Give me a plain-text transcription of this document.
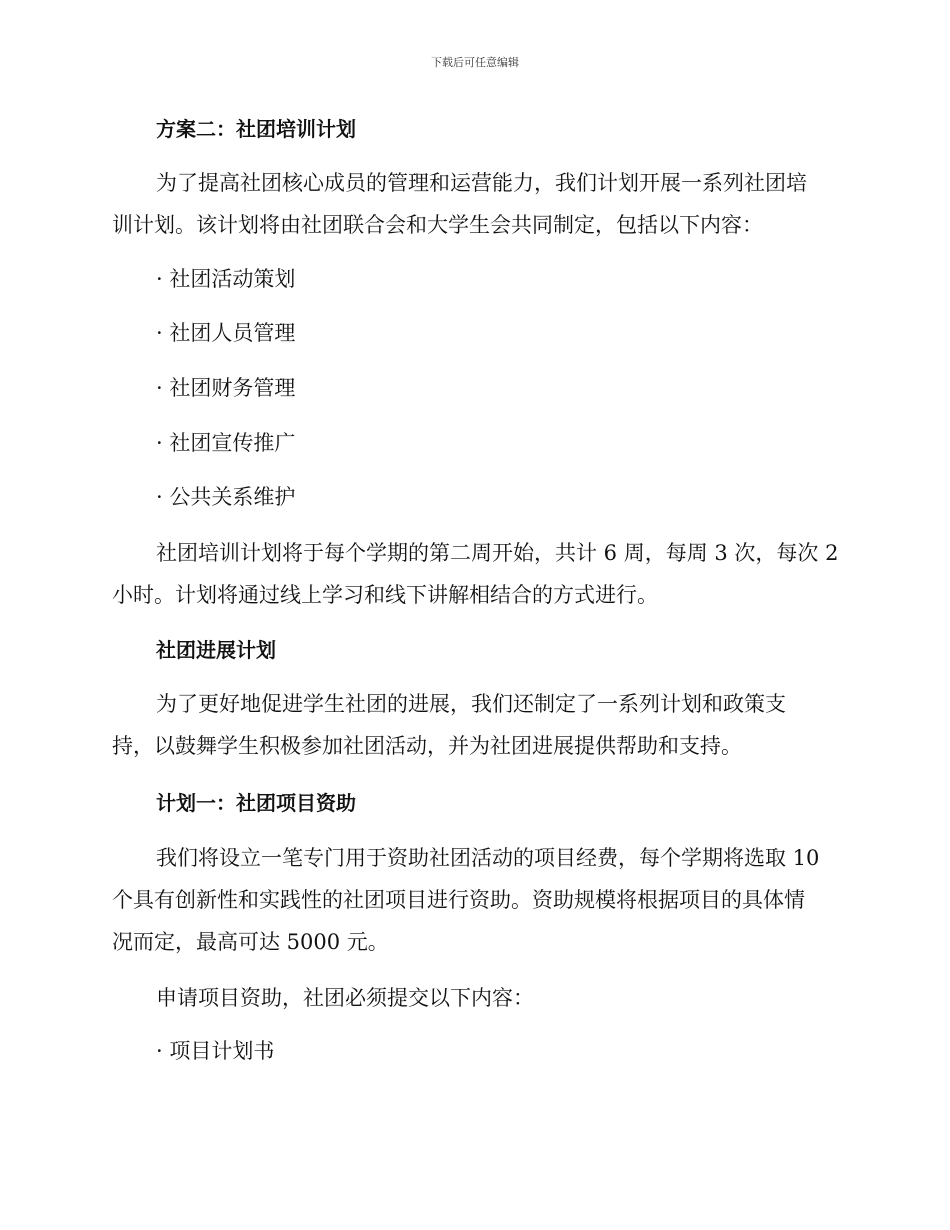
下载后可任意编辑
方案二：社团培训计划
为了提高社团核心成员的管理和运营能力，我们计划开展一系列社团培
训计划。该计划将由社团联合会和大学生会共同制定，包括以下内容：
· 社团活动策划
· 社团人员管理
· 社团财务管理
· 社团宣传推广
· 公共关系维护
社团培训计划将于每个学期的第二周开始，共计 6 周，每周 3 次，每次 2
小时。计划将通过线上学习和线下讲解相结合的方式进行。
社团进展计划
为了更好地促进学生社团的进展，我们还制定了一系列计划和政策支
持，以鼓舞学生积极参加社团活动，并为社团进展提供帮助和支持。
计划一：社团项目资助
我们将设立一笔专门用于资助社团活动的项目经费，每个学期将选取 10
个具有创新性和实践性的社团项目进行资助。资助规模将根据项目的具体情
况而定，最高可达 5000 元。
申请项目资助，社团必须提交以下内容：
· 项目计划书
